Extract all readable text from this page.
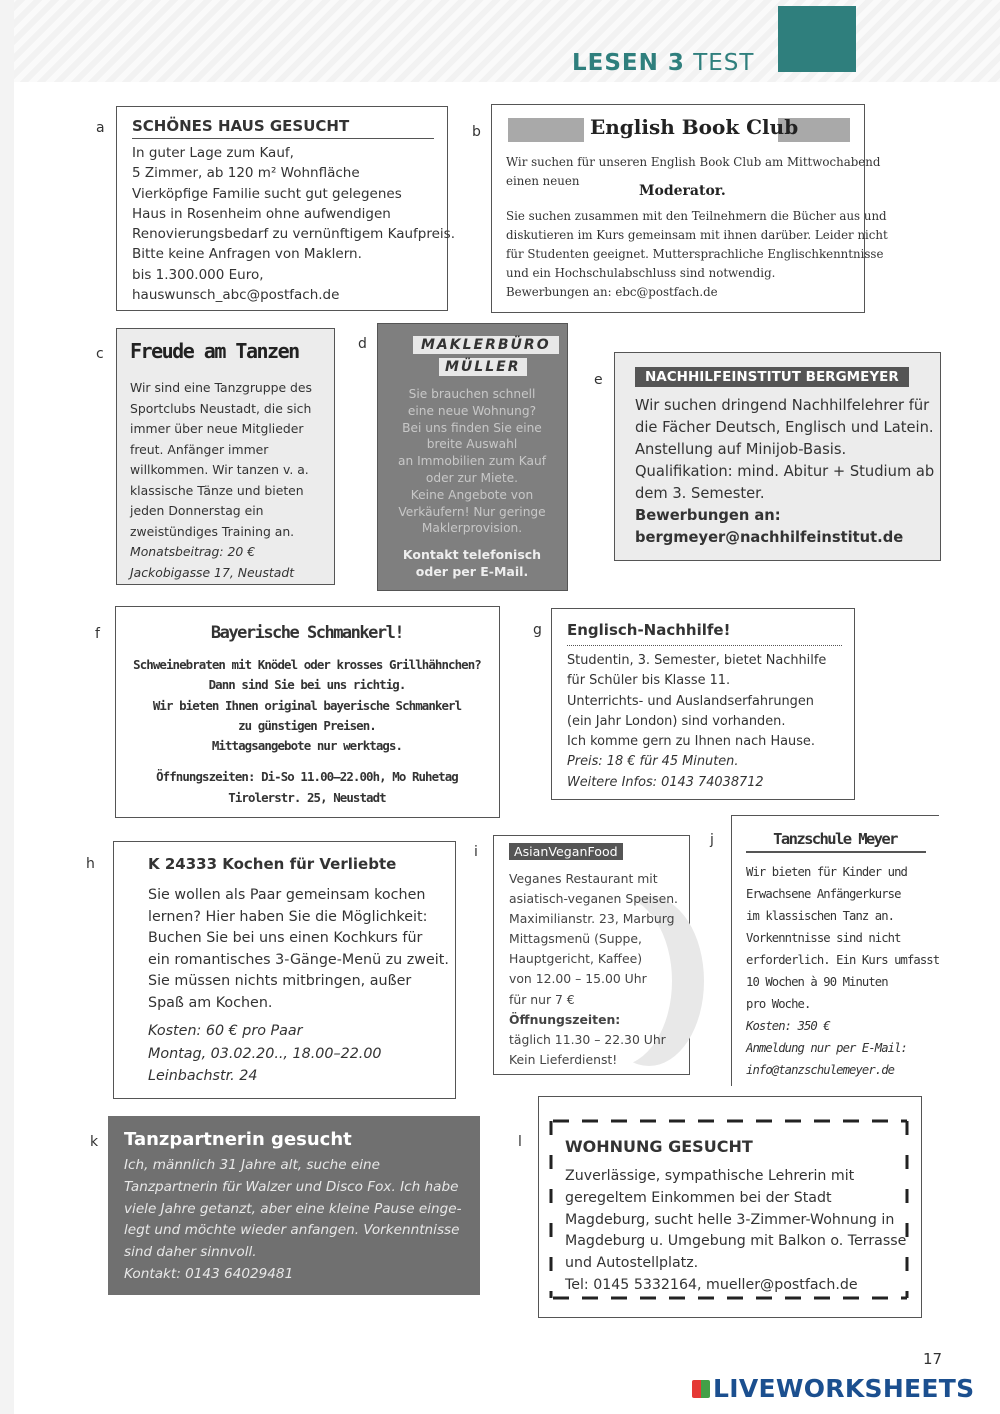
LESEN 3 TEST
a	b
c
d
e
f	g
h
i
j
k	l
SCHÖNES HAUS GESUCHT
In guter Lage zum Kauf,
5 Zimmer, ab 120 m² Wohnfläche
Vierköpfige Familie sucht gut gelegenes
Haus in Rosenheim ohne aufwendigen
Renovierungsbedarf zu vernünftigem Kaufpreis.
Bitte keine Anfragen von Maklern.
bis 1.300.000 Euro,
hauswunsch_abc@postfach.de
English Book Club
Wir suchen für unseren English Book Club am Mittwochabend
einen neuen
Moderator.
Sie suchen zusammen mit den Teilnehmern die Bücher aus und
diskutieren im Kurs gemeinsam mit ihnen darüber. Leider nicht
für Studenten geeignet. Muttersprachliche Englischkenntnisse
und ein Hochschulabschluss sind notwendig.
Bewerbungen an: ebc@postfach.de
Freude am Tanzen
Wir sind eine Tanzgruppe des
Sportclubs Neustadt, die sich
immer über neue Mitglieder
freut. Anfänger immer
willkommen. Wir tanzen v. a.
klassische Tänze und bieten
jeden Donnerstag ein
zweistündiges Training an.
Monatsbeitrag: 20 €
Jackobigasse 17, Neustadt
MAKLERBÜRO
MÜLLER
Sie brauchen schnell
eine neue Wohnung?
Bei uns finden Sie eine
breite Auswahl
an Immobilien zum Kauf
oder zur Miete.
Keine Angebote von
Verkäufern! Nur geringe
Maklerprovision.
Kontakt telefonisch
oder per E-Mail.
NACHHILFEINSTITUT BERGMEYER
Wir suchen dringend Nachhilfelehrer für
die Fächer Deutsch, Englisch und Latein.
Anstellung auf Minijob-Basis.
Qualifikation: mind. Abitur + Studium ab
dem 3. Semester.
Bewerbungen an:
bergmeyer@nachhilfeinstitut.de
Bayerische Schmankerl!
Schweinebraten mit Knödel oder krosses Grillhähnchen?
Dann sind Sie bei uns richtig.
Wir bieten Ihnen original bayerische Schmankerl
zu günstigen Preisen.
Mittagsangebote nur werktags.
Öffnungszeiten: Di-So 11.00–22.00h, Mo Ruhetag
Tirolerstr. 25, Neustadt
Englisch-Nachhilfe!
Studentin, 3. Semester, bietet Nachhilfe
für Schüler bis Klasse 11.
Unterrichts- und Auslandserfahrungen
(ein Jahr London) sind vorhanden.
Ich komme gern zu Ihnen nach Hause.
Preis: 18 € für 45 Minuten.
Weitere Infos: 0143 74038712
K 24333 Kochen für Verliebte
Sie wollen als Paar gemeinsam kochen
lernen? Hier haben Sie die Möglichkeit:
Buchen Sie bei uns einen Kochkurs für
ein romantisches 3-Gänge-Menü zu zweit.
Sie müssen nichts mitbringen, außer
Spaß am Kochen.
Kosten: 60 € pro Paar
Montag, 03.02.20.., 18.00–22.00
Leinbachstr. 24
AsianVeganFood
Veganes Restaurant mit
asiatisch-veganen Speisen.
Maximilianstr. 23, Marburg
Mittagsmenü (Suppe,
Hauptgericht, Kaffee)
von 12.00 – 15.00 Uhr
für nur 7 €
Öffnungszeiten:
täglich 11.30 – 22.30 Uhr
Kein Lieferdienst!
Tanzschule Meyer
Wir bieten für Kinder und
Erwachsene Anfängerkurse
im klassischen Tanz an.
Vorkenntnisse sind nicht
erforderlich. Ein Kurs umfasst
10 Wochen à 90 Minuten
pro Woche.
Kosten: 350 €
Anmeldung nur per E-Mail:
info@tanzschulemeyer.de
Tanzpartnerin gesucht
Ich, männlich 31 Jahre alt, suche eine
Tanzpartnerin für Walzer und Disco Fox. Ich habe
viele Jahre getanzt, aber eine kleine Pause einge-
legt und möchte wieder anfangen. Vorkenntnisse
sind daher sinnvoll.
Kontakt: 0143 64029481
WOHNUNG GESUCHT
Zuverlässige, sympathische Lehrerin mit
geregeltem Einkommen bei der Stadt
Magdeburg, sucht helle 3-Zimmer-Wohnung in
Magdeburg u. Umgebung mit Balkon o. Terrasse
und Autostellplatz.
Tel: 0145 5332164, mueller@postfach.de
17
LIVEWORKSHEETS
